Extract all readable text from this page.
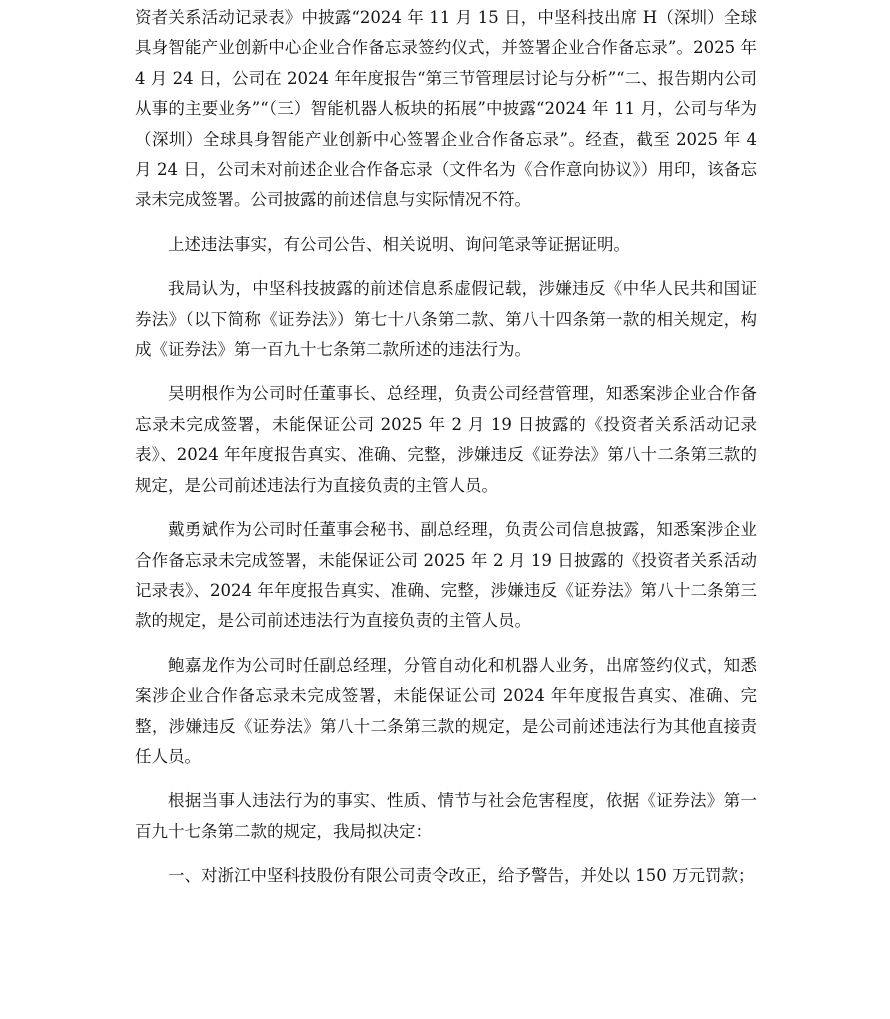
资者关系活动记录表》中披露“2024 年 11 月 15 日，中坚科技出席 H（深圳）全球具身智能产业创新中心企业合作备忘录签约仪式，并签署企业合作备忘录”。2025 年 4 月 24 日，公司在 2024 年年度报告“第三节管理层讨论与分析”“二、报告期内公司从事的主要业务”“（三）智能机器人板块的拓展”中披露“2024 年 11 月，公司与华为（深圳）全球具身智能产业创新中心签署企业合作备忘录”。经查，截至 2025 年 4 月 24 日，公司未对前述企业合作备忘录（文件名为《合作意向协议》）用印，该备忘录未完成签署。公司披露的前述信息与实际情况不符。

上述违法事实，有公司公告、相关说明、询问笔录等证据证明。

我局认为，中坚科技披露的前述信息系虚假记载，涉嫌违反《中华人民共和国证券法》（以下简称《证券法》）第七十八条第二款、第八十四条第一款的相关规定，构成《证券法》第一百九十七条第二款所述的违法行为。

吴明根作为公司时任董事长、总经理，负责公司经营管理，知悉案涉企业合作备忘录未完成签署，未能保证公司 2025 年 2 月 19 日披露的《投资者关系活动记录表》、2024 年年度报告真实、准确、完整，涉嫌违反《证券法》第八十二条第三款的规定，是公司前述违法行为直接负责的主管人员。

戴勇斌作为公司时任董事会秘书、副总经理，负责公司信息披露，知悉案涉企业合作备忘录未完成签署，未能保证公司 2025 年 2 月 19 日披露的《投资者关系活动记录表》、2024 年年度报告真实、准确、完整，涉嫌违反《证券法》第八十二条第三款的规定，是公司前述违法行为直接负责的主管人员。

鲍嘉龙作为公司时任副总经理，分管自动化和机器人业务，出席签约仪式，知悉案涉企业合作备忘录未完成签署，未能保证公司 2024 年年度报告真实、准确、完整，涉嫌违反《证券法》第八十二条第三款的规定，是公司前述违法行为其他直接责任人员。

根据当事人违法行为的事实、性质、情节与社会危害程度，依据《证券法》第一百九十七条第二款的规定，我局拟决定：

一、对浙江中坚科技股份有限公司责令改正，给予警告，并处以 150 万元罚款；
